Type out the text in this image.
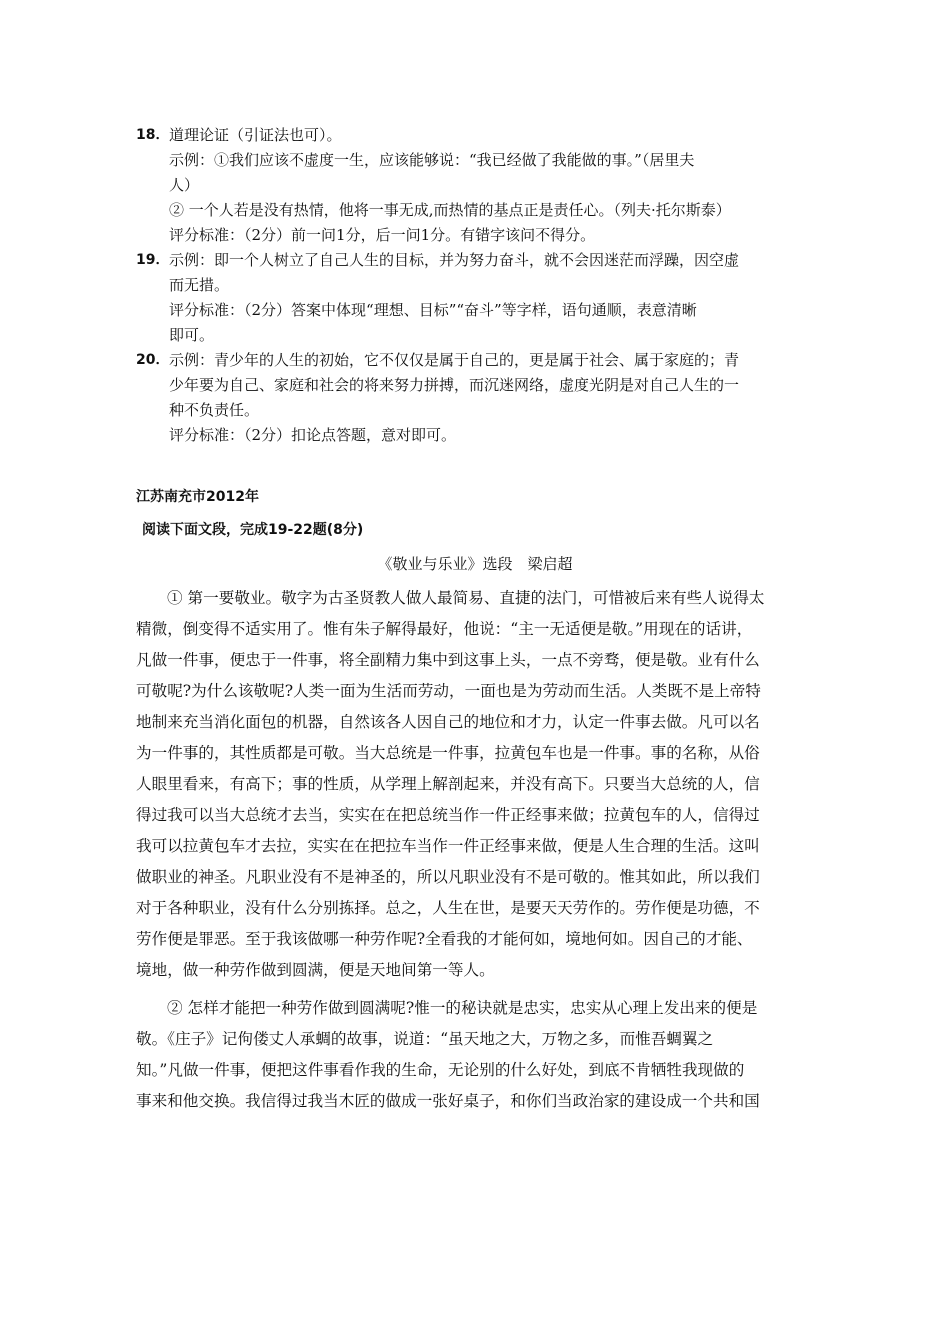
18． 道理论证（引证法也可）。
示例：①我们应该不虚度一生，应该能够说：“我已经做了我能做的事。”（居里夫
人）
② 一个人若是没有热情，他将一事无成,而热情的基点正是责任心。（列夫·托尔斯泰）
评分标准：（2分）前一问1分，后一问1分。有错字该问不得分。
19． 示例：即一个人树立了自己人生的目标，并为努力奋斗，就不会因迷茫而浮躁，因空虚
而无措。
评分标准：（2分）答案中体现“理想、目标”“奋斗”等字样，语句通顺，表意清晰
即可。
20． 示例：青少年的人生的初始，它不仅仅是属于自己的，更是属于社会、属于家庭的；青
少年要为自己、家庭和社会的将来努力拼搏，而沉迷网络，虚度光阴是对自己人生的一
种不负责任。
评分标准：（2分）扣论点答题，意对即可。
江苏南充市2012年
阅读下面文段，完成19-22题(8分)
《敬业与乐业》选段　梁启超

① 第一要敬业。敬字为古圣贤教人做人最简易、直捷的法门，可惜被后来有些人说得太
精微，倒变得不适实用了。惟有朱子解得最好，他说：“主一无适便是敬。”用现在的话讲，
凡做一件事，便忠于一件事，将全副精力集中到这事上头，一点不旁骛，便是敬。业有什么
可敬呢?为什么该敬呢?人类一面为生活而劳动，一面也是为劳动而生活。人类既不是上帝特
地制来充当消化面包的机器，自然该各人因自己的地位和才力，认定一件事去做。凡可以名
为一件事的，其性质都是可敬。当大总统是一件事，拉黄包车也是一件事。事的名称，从俗
人眼里看来，有高下；事的性质，从学理上解剖起来，并没有高下。只要当大总统的人，信
得过我可以当大总统才去当，实实在在把总统当作一件正经事来做；拉黄包车的人，信得过
我可以拉黄包车才去拉，实实在在把拉车当作一件正经事来做，便是人生合理的生活。这叫
做职业的神圣。凡职业没有不是神圣的，所以凡职业没有不是可敬的。惟其如此，所以我们
对于各种职业，没有什么分别拣择。总之，人生在世，是要天天劳作的。劳作便是功德，不
劳作便是罪恶。至于我该做哪一种劳作呢?全看我的才能何如，境地何如。因自己的才能、
境地，做一种劳作做到圆满，便是天地间第一等人。

② 怎样才能把一种劳作做到圆满呢?惟一的秘诀就是忠实，忠实从心理上发出来的便是
敬。《庄子》记佝偻丈人承蜩的故事，说道：“虽天地之大，万物之多，而惟吾蜩翼之
知。”凡做一件事，便把这件事看作我的生命，无论别的什么好处，到底不肯牺牲我现做的
事来和他交换。我信得过我当木匠的做成一张好桌子，和你们当政治家的建设成一个共和国
